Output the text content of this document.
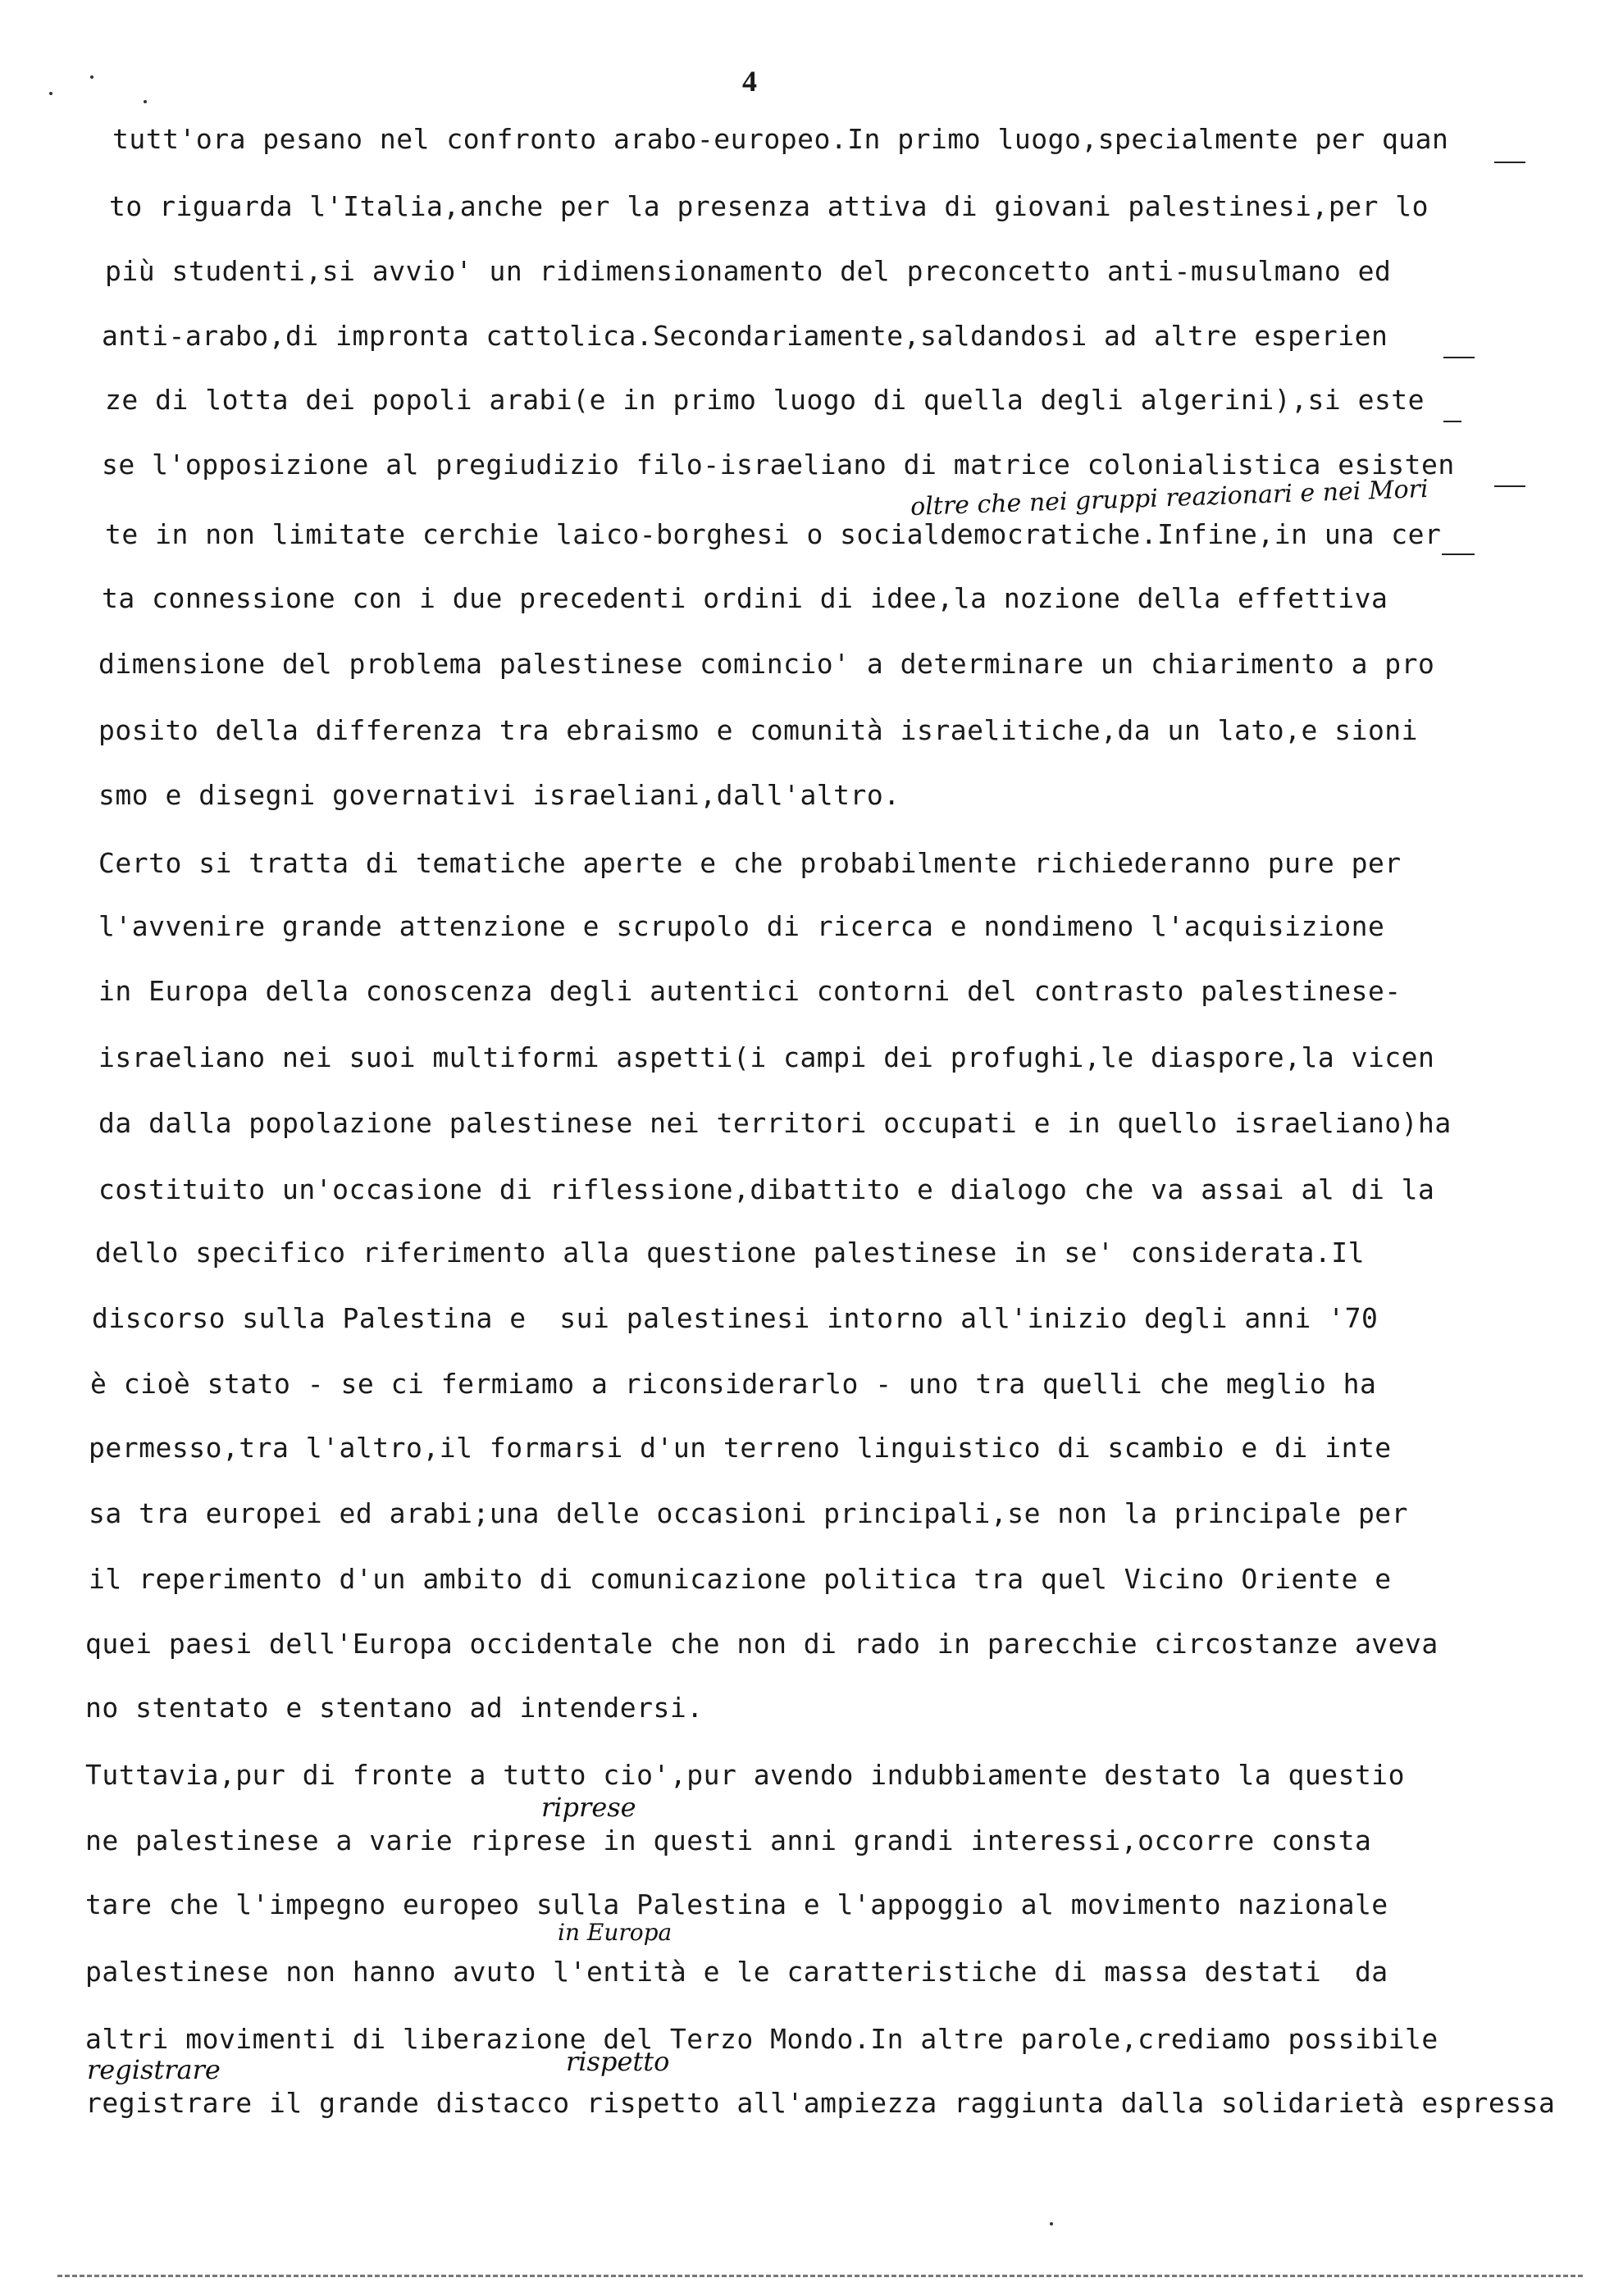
4
tutt'ora pesano nel confronto arabo-europeo.In primo luogo,specialmente per quan
to riguarda l'Italia,anche per la presenza attiva di giovani palestinesi,per lo
più studenti,si avvio' un ridimensionamento del preconcetto anti-musulmano ed
anti-arabo,di impronta cattolica.Secondariamente,saldandosi ad altre esperien
ze di lotta dei popoli arabi(e in primo luogo di quella degli algerini),si este
se l'opposizione al pregiudizio filo-israeliano di matrice colonialistica esisten
te in non limitate cerchie laico-borghesi o socialdemocratiche.Infine,in una cer
ta connessione con i due precedenti ordini di idee,la nozione della effettiva
dimensione del problema palestinese comincio' a determinare un chiarimento a pro
posito della differenza tra ebraismo e comunità israelitiche,da un lato,e sioni
smo e disegni governativi israeliani,dall'altro.
Certo si tratta di tematiche aperte e che probabilmente richiederanno pure per
l'avvenire grande attenzione e scrupolo di ricerca e nondimeno l'acquisizione
in Europa della conoscenza degli autentici contorni del contrasto palestinese-
israeliano nei suoi multiformi aspetti(i campi dei profughi,le diaspore,la vicen
da dalla popolazione palestinese nei territori occupati e in quello israeliano)ha
costituito un'occasione di riflessione,dibattito e dialogo che va assai al di la
dello specifico riferimento alla questione palestinese in se' considerata.Il
discorso sulla Palestina e  sui palestinesi intorno all'inizio degli anni '70
è cioè stato - se ci fermiamo a riconsiderarlo - uno tra quelli che meglio ha
permesso,tra l'altro,il formarsi d'un terreno linguistico di scambio e di inte
sa tra europei ed arabi;una delle occasioni principali,se non la principale per
il reperimento d'un ambito di comunicazione politica tra quel Vicino Oriente e
quei paesi dell'Europa occidentale che non di rado in parecchie circostanze aveva
no stentato e stentano ad intendersi.
Tuttavia,pur di fronte a tutto cio',pur avendo indubbiamente destato la questio
ne palestinese a varie riprese in questi anni grandi interessi,occorre consta
tare che l'impegno europeo sulla Palestina e l'appoggio al movimento nazionale
palestinese non hanno avuto l'entità e le caratteristiche di massa destati  da
altri movimenti di liberazione del Terzo Mondo.In altre parole,crediamo possibile
registrare il grande distacco rispetto all'ampiezza raggiunta dalla solidarietà espressa
oltre che nei gruppi reazionari e nei Mori
riprese
in Europa
registrare	rispetto
